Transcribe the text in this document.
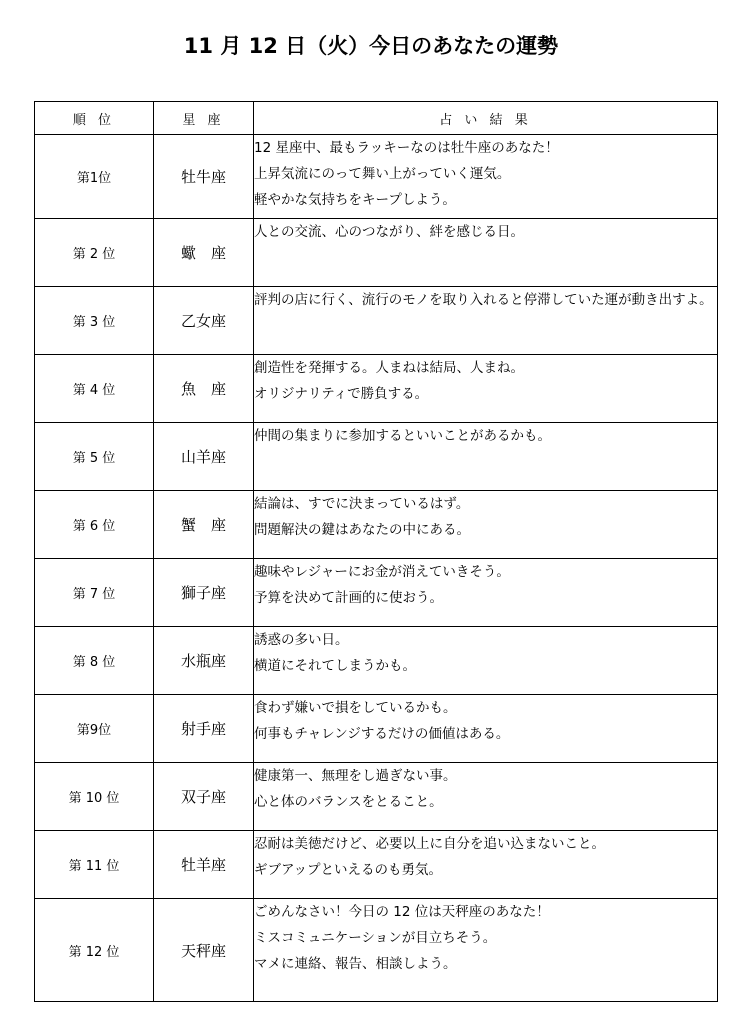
11 月 12 日（火）今日のあなたの運勢
順 位	星 座	占 い 結 果
第1位	牡牛座	12 星座中、最もラッキーなのは牡牛座のあなた！
上昇気流にのって舞い上がっていく運気。
軽やかな気持ちをキープしよう。

第 2 位	蠍　座	人との交流、心のつながり、絆を感じる日。

第 3 位	乙女座	評判の店に行く、流行のモノを取り入れると停滞していた運が動き出すよ。

第 4 位	魚　座	創造性を発揮する。人まねは結局、人まね。
オリジナリティで勝負する。

第 5 位	山羊座	仲間の集まりに参加するといいことがあるかも。

第 6 位	蟹　座	結論は、すでに決まっているはず。
問題解決の鍵はあなたの中にある。

第 7 位	獅子座	趣味やレジャーにお金が消えていきそう。
予算を決めて計画的に使おう。

第 8 位	水瓶座	誘惑の多い日。
横道にそれてしまうかも。

第9位	射手座	食わず嫌いで損をしているかも。
何事もチャレンジするだけの価値はある。

第 10 位	双子座	健康第一、無理をし過ぎない事。
心と体のバランスをとること。

第 11 位	牡羊座	忍耐は美徳だけど、必要以上に自分を追い込まないこと。
ギブアップといえるのも勇気。

第 12 位	天秤座	ごめんなさい！今日の 12 位は天秤座のあなた！
ミスコミュニケーションが目立ちそう。
マメに連絡、報告、相談しよう。
